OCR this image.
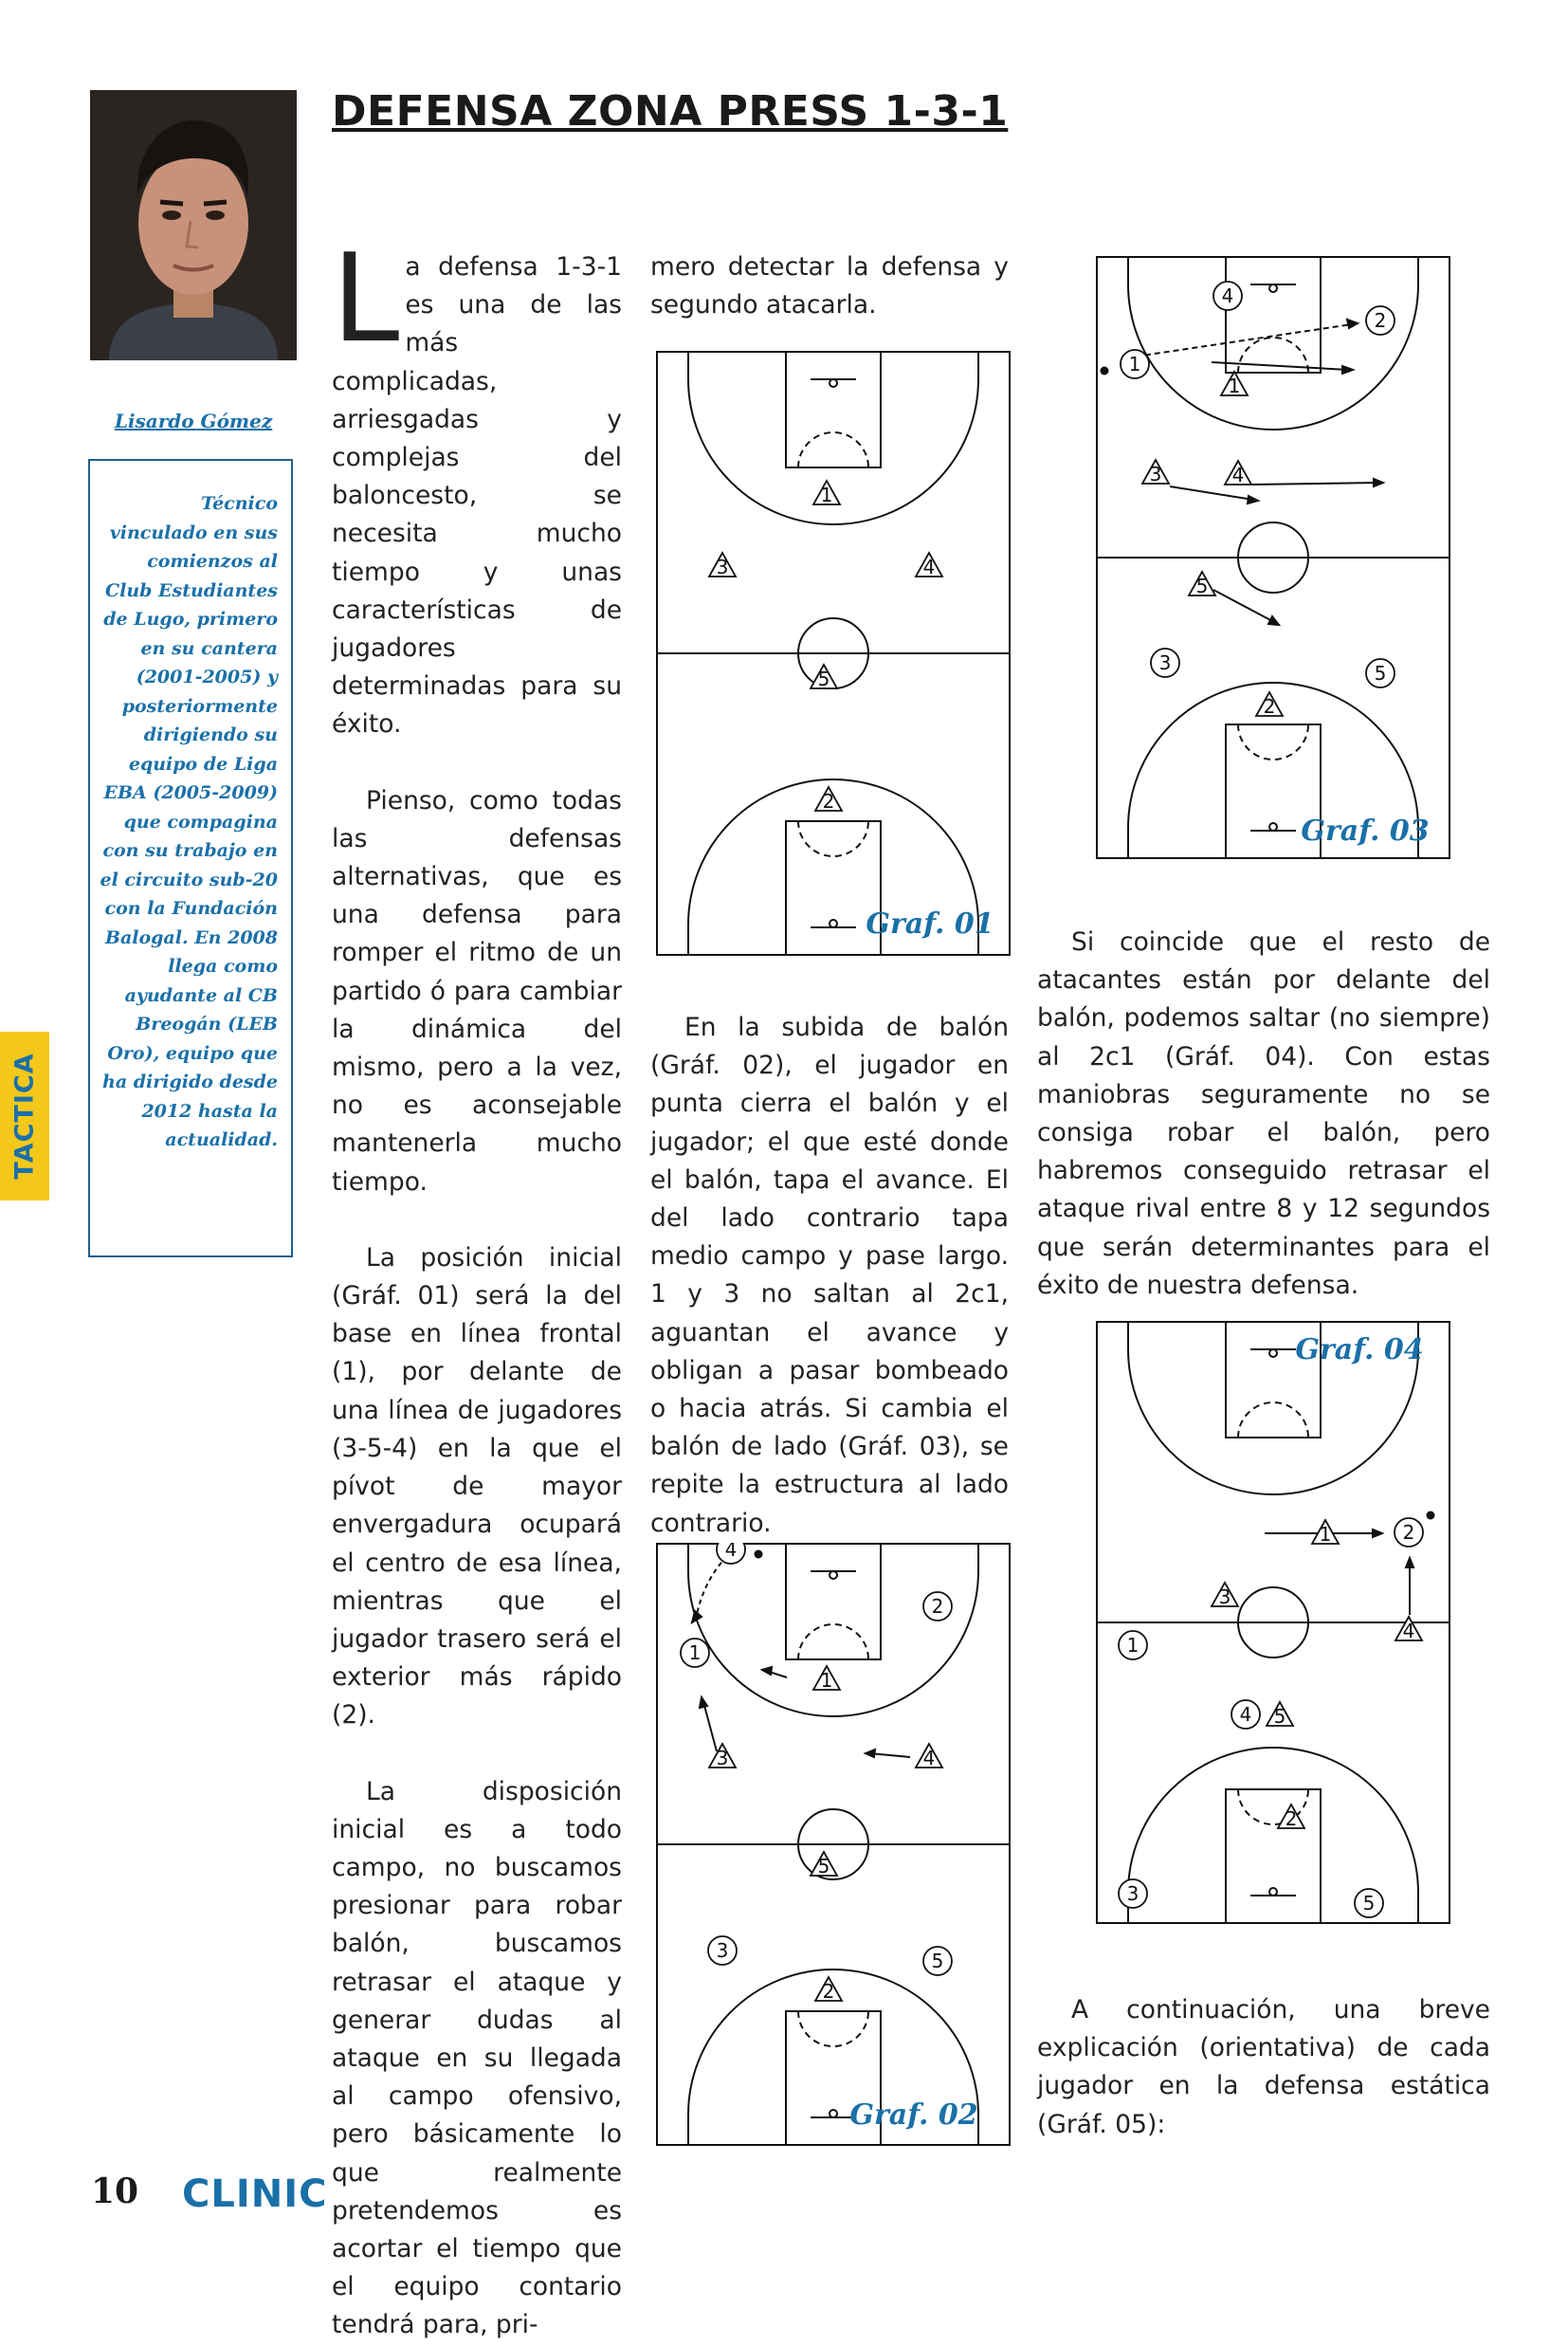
DEFENSA ZONA PRESS 1-3-1
Lisardo Gómez
Técnico vinculado en sus comienzos al Club Estudiantes de Lugo, primero en su cantera (2001-2005) y posteriormente dirigiendo su equipo de Liga EBA (2005-2009) que compagina con su trabajo en el circuito sub-20 con la Fundación Balogal. En 2008 llega como ayudante al CB Breogán (LEB Oro), equipo que ha dirigido desde 2012 hasta la actualidad.
TACTICA

La defensa 1-3-1 es una de las más complicadas, arriesgadas y complejas del baloncesto, se necesita mucho tiempo y unas características de jugadores determinadas para su éxito.

Pienso, como todas las defensas alternativas, que es una defensa para romper el ritmo de un partido ó para cambiar la dinámica del mismo, pero a la vez, no es aconsejable mantenerla mucho tiempo.

La posición inicial (Gráf. 01) será la del base en línea frontal (1), por delante de una línea de jugadores (3-5-4) en la que el pívot de mayor envergadura ocupará el centro de esa línea, mientras que el jugador trasero será el exterior más rápido (2).

La disposición inicial es a todo campo, no buscamos presionar para robar balón, buscamos retrasar el ataque y generar dudas al ataque en su llegada al campo ofensivo, pero básicamente lo que realmente pretendemos es acortar el tiempo que el equipo contario tendrá para, pri-

mero detectar la defensa y segundo atacarla.

1
3	4
5
2
Graf. 01

En la subida de balón (Gráf. 02), el jugador en punta cierra el balón y el jugador; el que esté donde el balón, tapa el avance. El del lado contrario tapa medio campo y pase largo. 1 y 3 no saltan al 2c1, aguantan el avance y obligan a pasar bombeado o hacia atrás. Si cambia el balón de lado (Gráf. 03), se repite la estructura al lado contrario.

4
2
1
3	5
1
3	4
5
2
Graf. 02
4
2
1
3	5
1
3	4
5
2
Graf. 03

Si coincide que el resto de atacantes están por delante del balón, podemos saltar (no siempre) al 2c1 (Gráf. 04). Con estas maniobras seguramente no se consiga robar el balón, pero habremos conseguido retrasar el ataque rival entre 8 y 12 segundos que serán determinantes para el éxito de nuestra defensa.

2
1
4
3	5
1
3
4
5
2
Graf. 04

A continuación, una breve explicación (orientativa) de cada jugador en la defensa estática (Gráf. 05):

10 CLINIC
